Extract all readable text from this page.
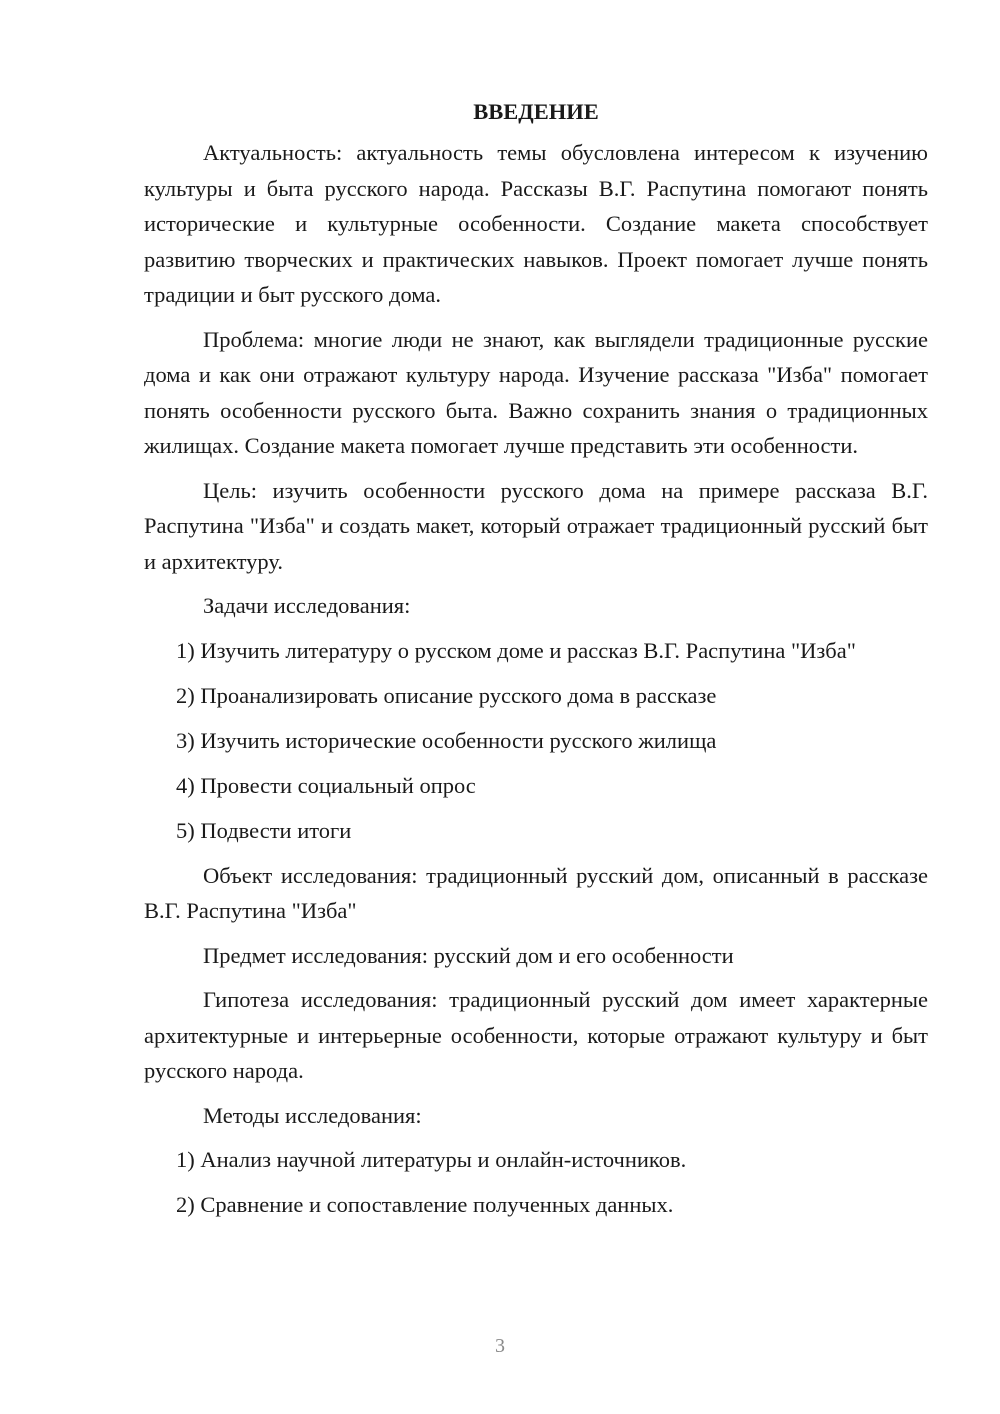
ВВЕДЕНИЕ

Актуальность: актуальность темы обусловлена интересом к изучению культуры и быта русского народа. Рассказы В.Г. Распутина помогают понять исторические и культурные особенности. Создание макета способствует развитию творческих и практических навыков. Проект помогает лучше понять традиции и быт русского дома.

Проблема: многие люди не знают, как выглядели традиционные русские дома и как они отражают культуру народа. Изучение рассказа "Изба" помогает понять особенности русского быта. Важно сохранить знания о традиционных жилищах. Создание макета помогает лучше представить эти особенности.

Цель: изучить особенности русского дома на примере рассказа В.Г. Распутина "Изба" и создать макет, который отражает традиционный русский быт и архитектуру.

Задачи исследования:

1) Изучить литературу о русском доме и рассказ В.Г. Распутина "Изба"

2) Проанализировать описание русского дома в рассказе

3) Изучить исторические особенности русского жилища

4) Провести социальный опрос

5) Подвести итоги

Объект исследования: традиционный русский дом, описанный в рассказе В.Г. Распутина "Изба"

Предмет исследования: русский дом и его особенности

Гипотеза исследования: традиционный русский дом имеет характерные архитектурные и интерьерные особенности, которые отражают культуру и быт русского народа.

Методы исследования:

1) Анализ научной литературы и онлайн-источников.

2) Сравнение и сопоставление полученных данных.

3
